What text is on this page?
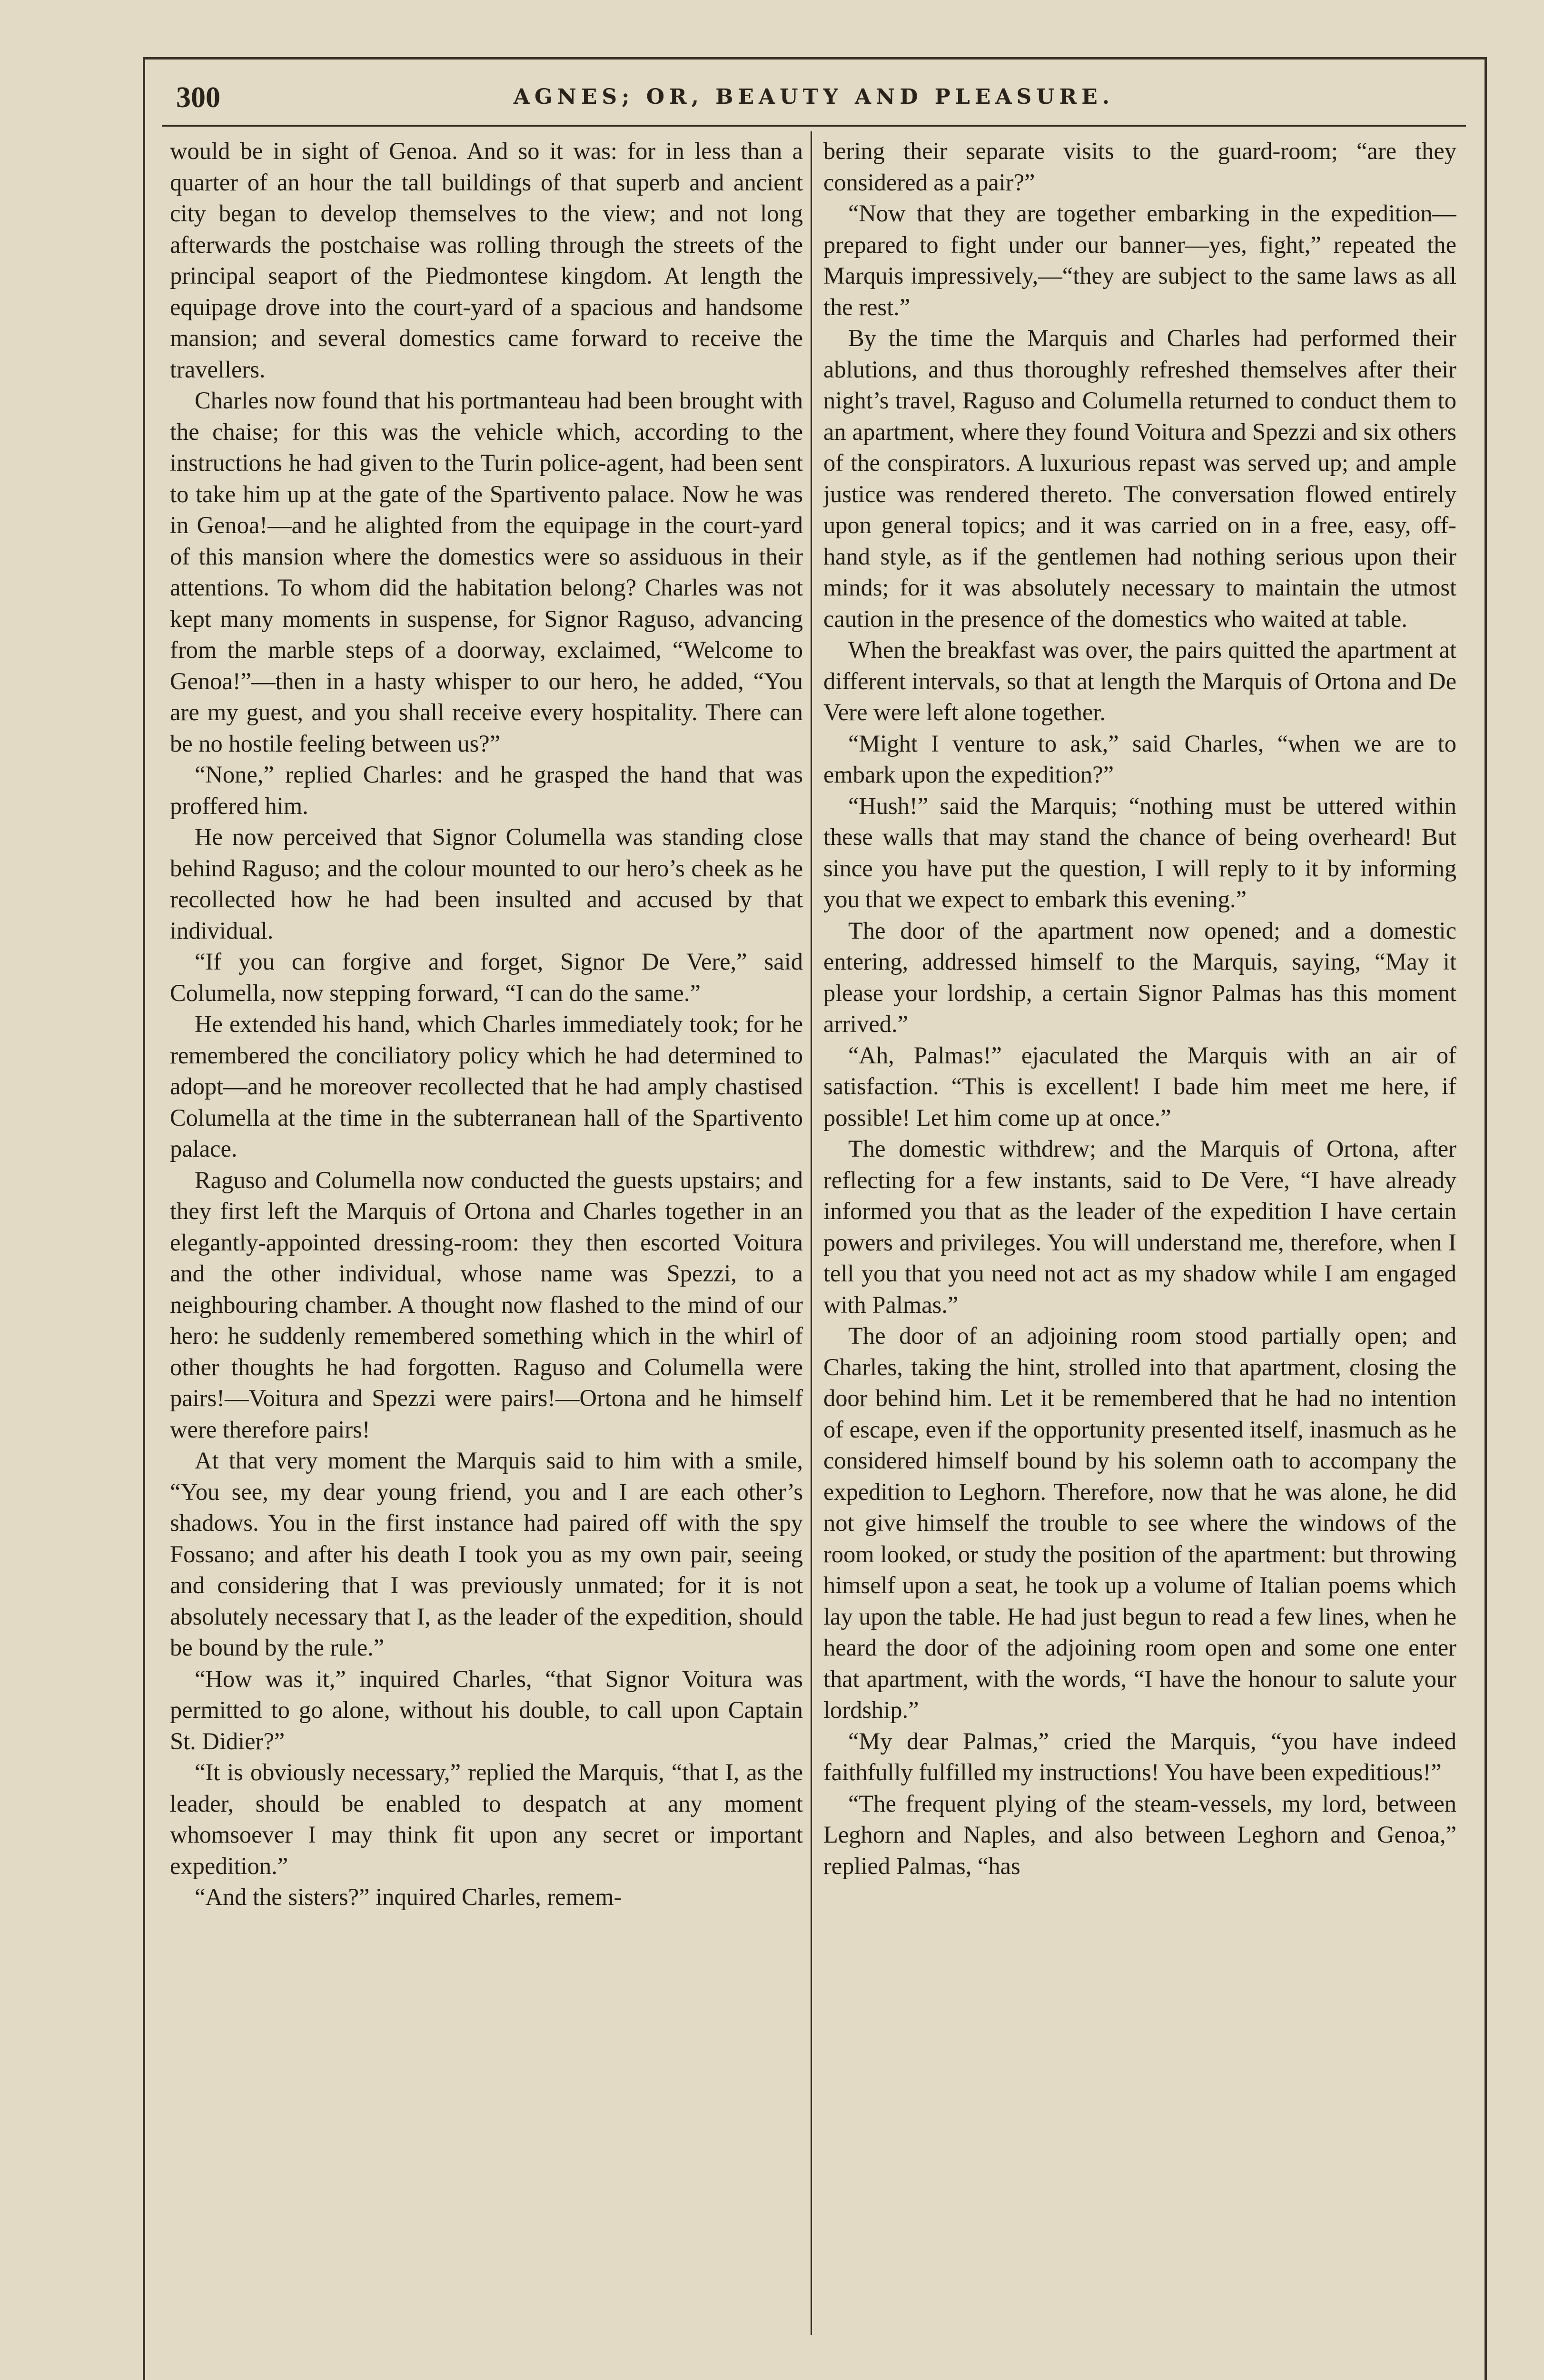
300	AGNES; OR, BEAUTY AND PLEASURE.

would be in sight of Genoa. And so it was: for in less than a quarter of an hour the tall buildings of that superb and ancient city began to develop themselves to the view; and not long afterwards the postchaise was rolling through the streets of the principal seaport of the Piedmontese kingdom. At length the equipage drove into the court-yard of a spacious and handsome mansion; and several domestics came forward to receive the travellers.

Charles now found that his portmanteau had been brought with the chaise; for this was the vehicle which, according to the instructions he had given to the Turin police-agent, had been sent to take him up at the gate of the Spartivento palace. Now he was in Genoa!—and he alighted from the equipage in the court-yard of this mansion where the domestics were so assiduous in their attentions. To whom did the habitation belong? Charles was not kept many moments in suspense, for Signor Raguso, advancing from the marble steps of a doorway, exclaimed, “Welcome to Genoa!”—then in a hasty whisper to our hero, he added, “You are my guest, and you shall receive every hospitality. There can be no hostile feeling between us?”

“None,” replied Charles: and he grasped the hand that was proffered him.

He now perceived that Signor Columella was standing close behind Raguso; and the colour mounted to our hero’s cheek as he recollected how he had been insulted and accused by that individual.

“If you can forgive and forget, Signor De Vere,” said Columella, now stepping forward, “I can do the same.”

He extended his hand, which Charles immediately took; for he remembered the conciliatory policy which he had determined to adopt—and he moreover recollected that he had amply chastised Columella at the time in the subterranean hall of the Spartivento palace.

Raguso and Columella now conducted the guests upstairs; and they first left the Marquis of Ortona and Charles together in an elegantly-appointed dressing-room: they then escorted Voitura and the other individual, whose name was Spezzi, to a neighbouring chamber. A thought now flashed to the mind of our hero: he suddenly remembered something which in the whirl of other thoughts he had forgotten. Raguso and Columella were pairs!—Voitura and Spezzi were pairs!—Ortona and he himself were therefore pairs!

At that very moment the Marquis said to him with a smile, “You see, my dear young friend, you and I are each other’s shadows. You in the first instance had paired off with the spy Fossano; and after his death I took you as my own pair, seeing and considering that I was previously unmated; for it is not absolutely necessary that I, as the leader of the expedition, should be bound by the rule.”

“How was it,” inquired Charles, “that Signor Voitura was permitted to go alone, without his double, to call upon Captain St. Didier?”

“It is obviously necessary,” replied the Marquis, “that I, as the leader, should be enabled to despatch at any moment whomsoever I may think fit upon any secret or important expedition.”

“And the sisters?” inquired Charles, remem-

bering their separate visits to the guard-room; “are they considered as a pair?”

“Now that they are together embarking in the expedition—prepared to fight under our banner—yes, fight,” repeated the Marquis impressively,—“they are subject to the same laws as all the rest.”

By the time the Marquis and Charles had performed their ablutions, and thus thoroughly refreshed themselves after their night’s travel, Raguso and Columella returned to conduct them to an apartment, where they found Voitura and Spezzi and six others of the conspirators. A luxurious repast was served up; and ample justice was rendered thereto. The conversation flowed entirely upon general topics; and it was carried on in a free, easy, off-hand style, as if the gentlemen had nothing serious upon their minds; for it was absolutely necessary to maintain the utmost caution in the presence of the domestics who waited at table.

When the breakfast was over, the pairs quitted the apartment at different intervals, so that at length the Marquis of Ortona and De Vere were left alone together.

“Might I venture to ask,” said Charles, “when we are to embark upon the expedition?”

“Hush!” said the Marquis; “nothing must be uttered within these walls that may stand the chance of being overheard! But since you have put the question, I will reply to it by informing you that we expect to embark this evening.”

The door of the apartment now opened; and a domestic entering, addressed himself to the Marquis, saying, “May it please your lordship, a certain Signor Palmas has this moment arrived.”

“Ah, Palmas!” ejaculated the Marquis with an air of satisfaction. “This is excellent! I bade him meet me here, if possible! Let him come up at once.”

The domestic withdrew; and the Marquis of Ortona, after reflecting for a few instants, said to De Vere, “I have already informed you that as the leader of the expedition I have certain powers and privileges. You will understand me, therefore, when I tell you that you need not act as my shadow while I am engaged with Palmas.”

The door of an adjoining room stood partially open; and Charles, taking the hint, strolled into that apartment, closing the door behind him. Let it be remembered that he had no intention of escape, even if the opportunity presented itself, inasmuch as he considered himself bound by his solemn oath to accompany the expedition to Leghorn. Therefore, now that he was alone, he did not give himself the trouble to see where the windows of the room looked, or study the position of the apartment: but throwing himself upon a seat, he took up a volume of Italian poems which lay upon the table. He had just begun to read a few lines, when he heard the door of the adjoining room open and some one enter that apartment, with the words, “I have the honour to salute your lordship.”

“My dear Palmas,” cried the Marquis, “you have indeed faithfully fulfilled my instructions! You have been expeditious!”

“The frequent plying of the steam-vessels, my lord, between Leghorn and Naples, and also between Leghorn and Genoa,” replied Palmas, “has
